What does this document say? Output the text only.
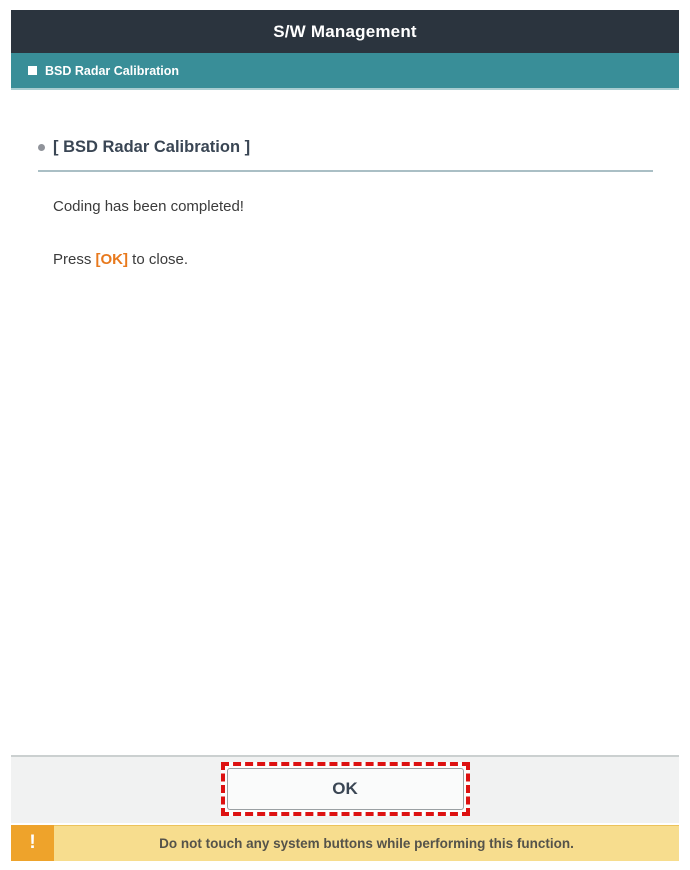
S/W Management
BSD Radar Calibration
[ BSD Radar Calibration ]
Coding has been completed!
Press [OK] to close.
OK
!	Do not touch any system buttons while performing this function.
